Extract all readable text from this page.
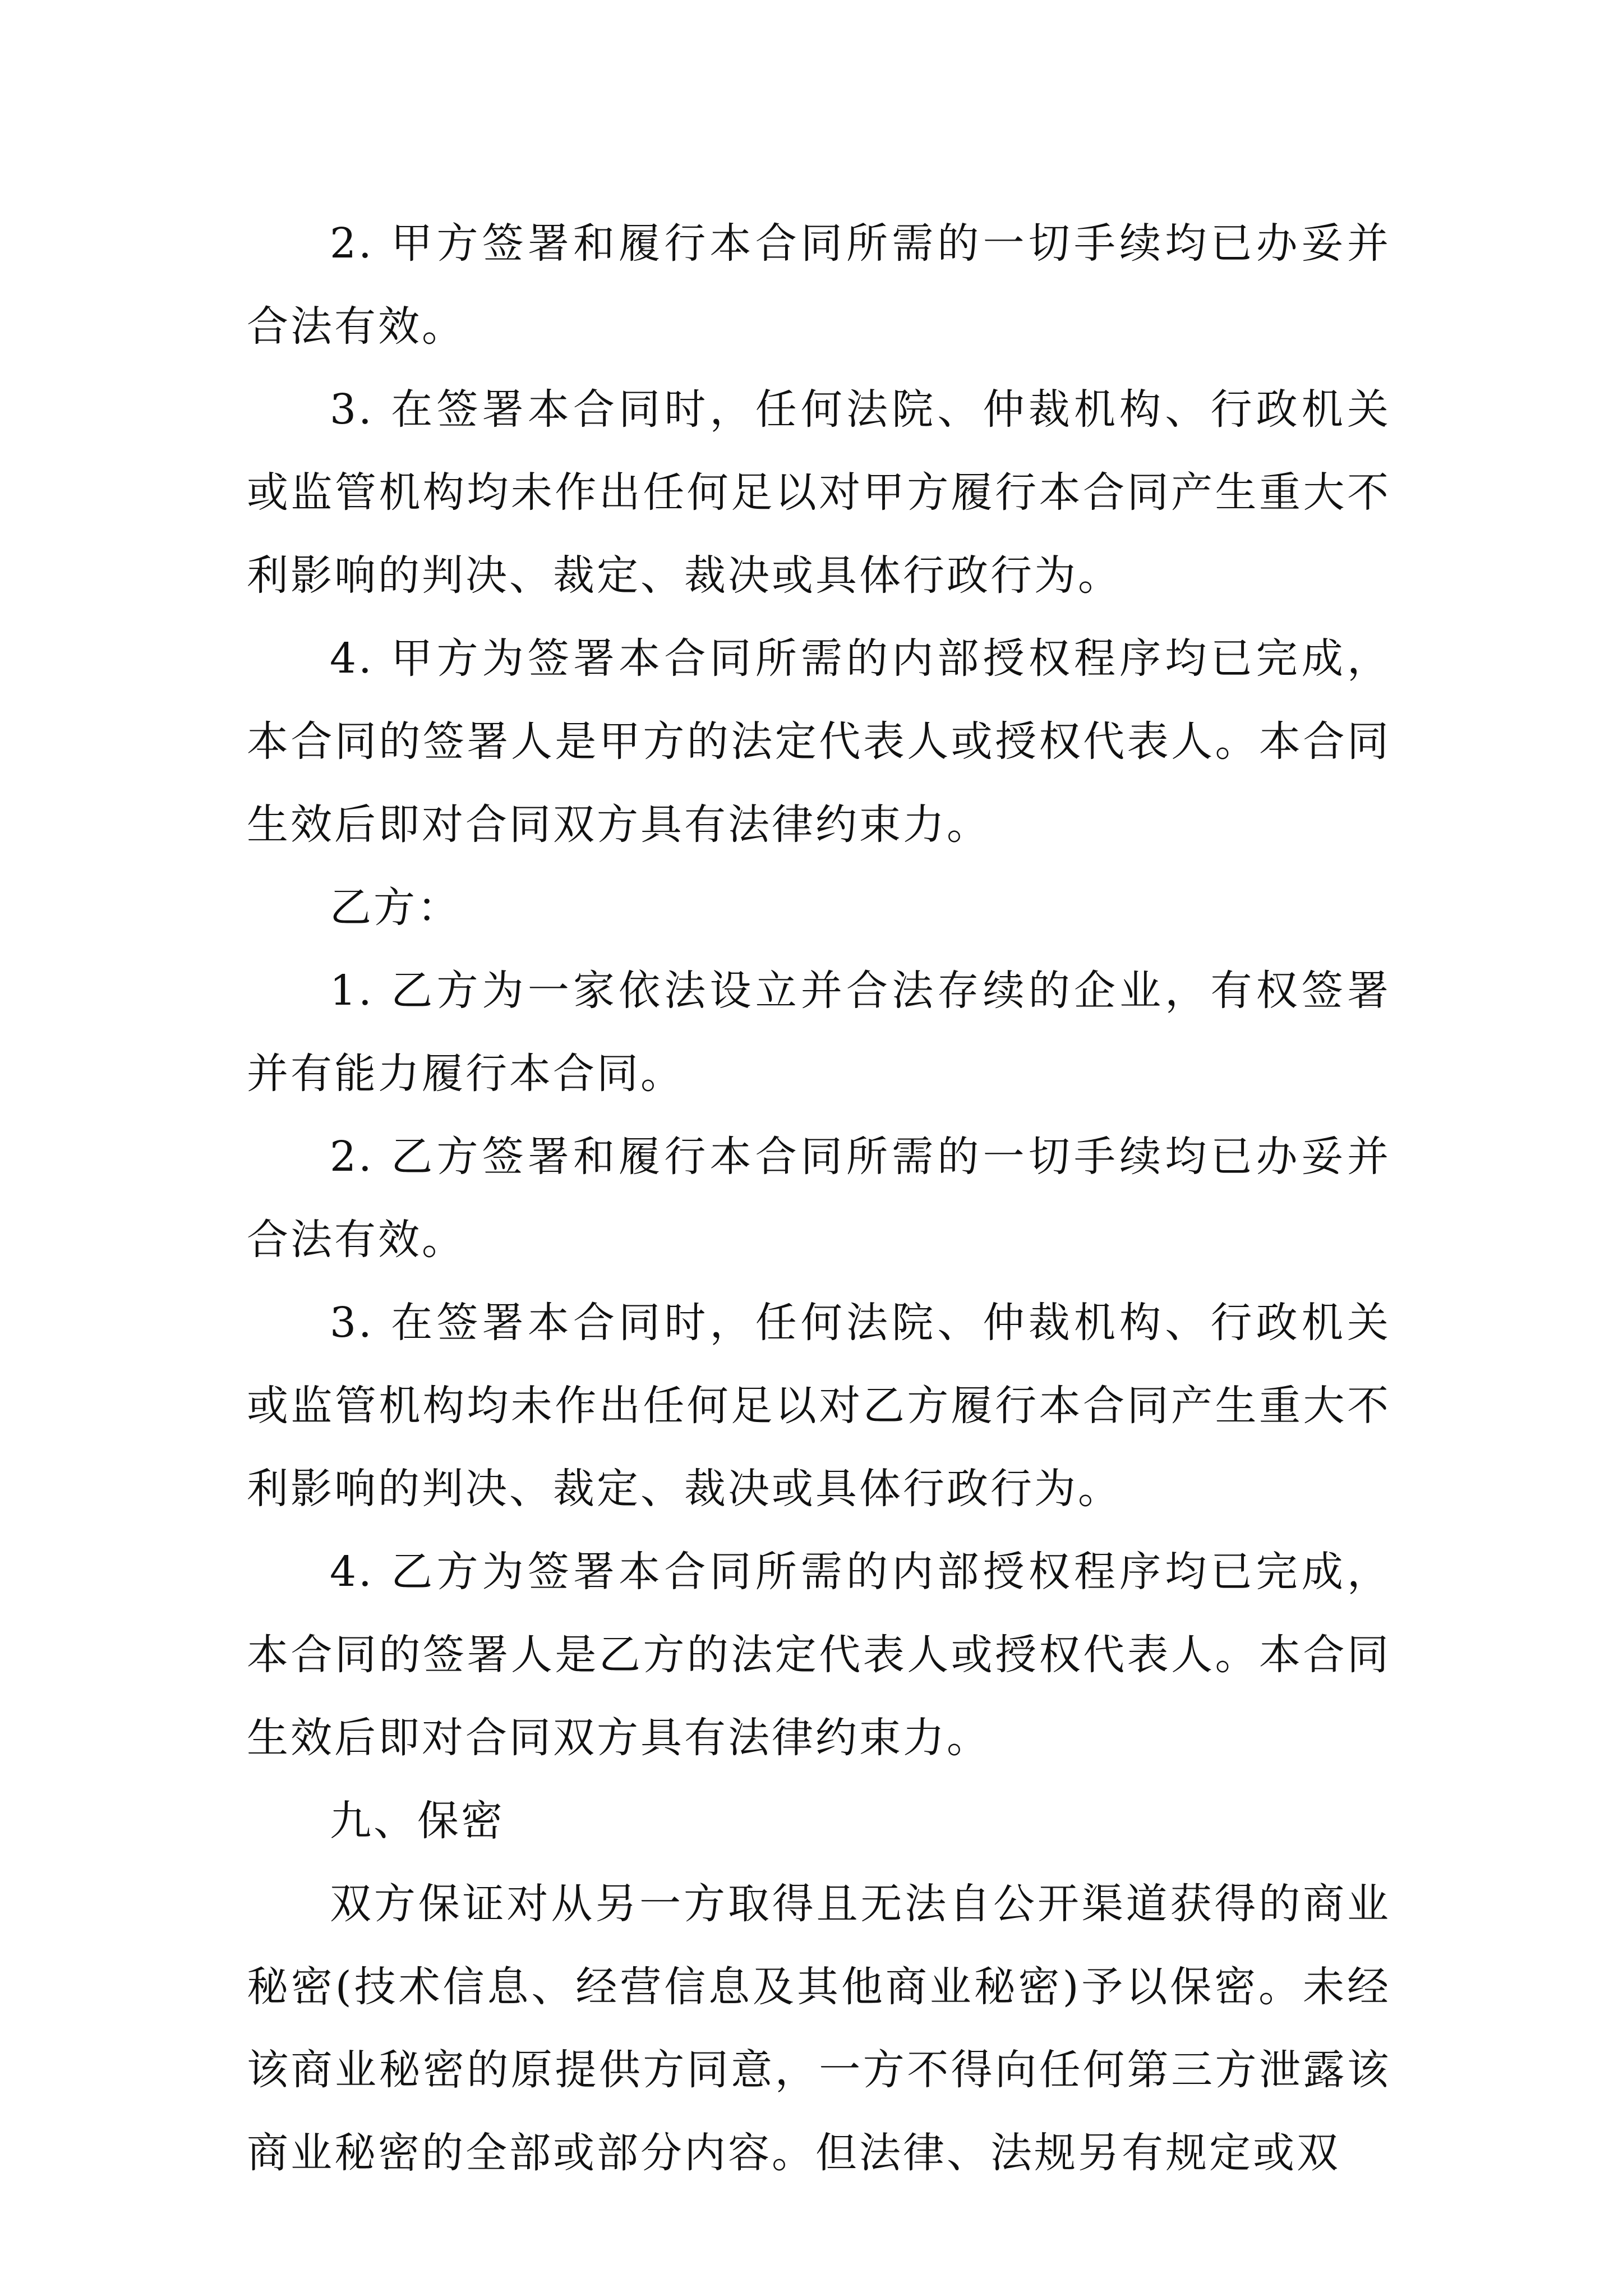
2. 甲方签署和履行本合同所需的一切手续均已办妥并合法有效。

3. 在签署本合同时，任何法院、仲裁机构、行政机关或监管机构均未作出任何足以对甲方履行本合同产生重大不利影响的判决、裁定、裁决或具体行政行为。

4. 甲方为签署本合同所需的内部授权程序均已完成，本合同的签署人是甲方的法定代表人或授权代表人。本合同生效后即对合同双方具有法律约束力。

乙方：

1. 乙方为一家依法设立并合法存续的企业，有权签署并有能力履行本合同。

2. 乙方签署和履行本合同所需的一切手续均已办妥并合法有效。

3. 在签署本合同时，任何法院、仲裁机构、行政机关或监管机构均未作出任何足以对乙方履行本合同产生重大不利影响的判决、裁定、裁决或具体行政行为。

4. 乙方为签署本合同所需的内部授权程序均已完成，本合同的签署人是乙方的法定代表人或授权代表人。本合同生效后即对合同双方具有法律约束力。

九、保密

双方保证对从另一方取得且无法自公开渠道获得的商业秘密(技术信息、经营信息及其他商业秘密)予以保密。未经该商业秘密的原提供方同意，一方不得向任何第三方泄露该商业秘密的全部或部分内容。但法律、法规另有规定或双
